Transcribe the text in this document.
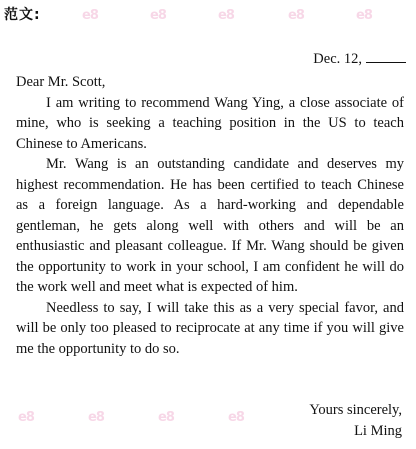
范文:
Dec. 12,

Dear Mr. Scott,

I am writing to recommend Wang Ying, a close associate of mine, who is seeking a teaching position in the US to teach Chinese to Americans.

Mr. Wang is an outstanding candidate and deserves my highest recommendation. He has been certified to teach Chinese as a foreign language. As a hard-working and dependable gentleman, he gets along well with others and will be an enthusiastic and pleasant colleague. If Mr. Wang should be given the opportunity to work in your school, I am confident he will do the work well and meet what is expected of him.

Needless to say, I will take this as a very special favor, and will be only too pleased to reciprocate at any time if you will give me the opportunity to do so.

Yours sincerely,
Li Ming
e8	e8	e8	e8	e8
e8	e8	e8	e8
